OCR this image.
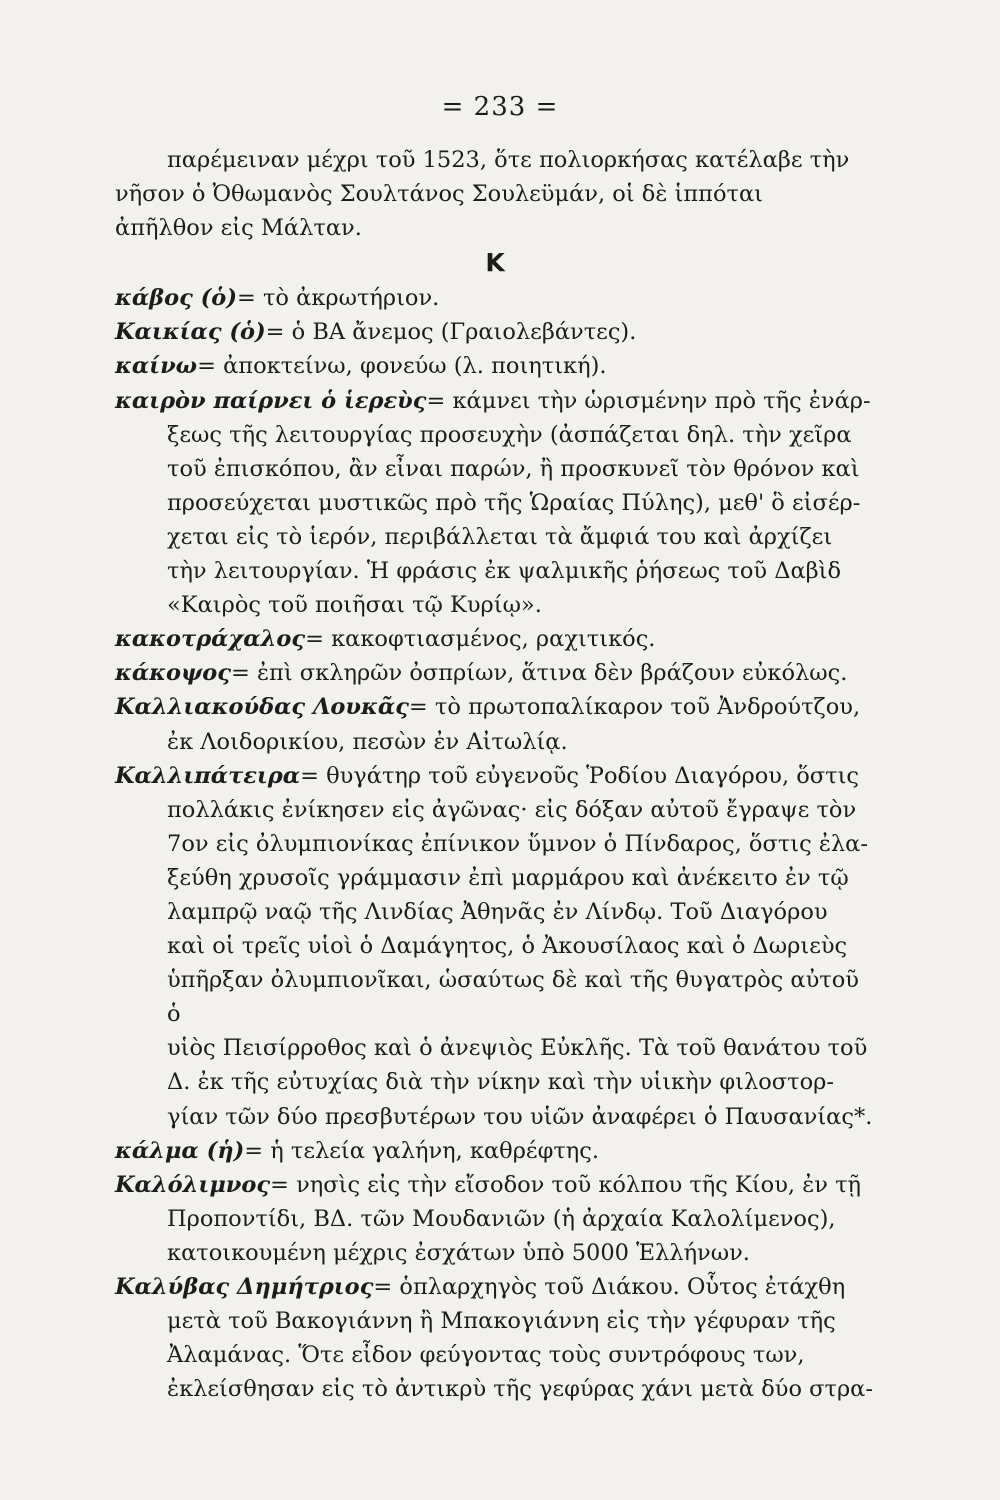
= 233 =

παρέμειναν μέχρι τοῦ 1523, ὅτε πολιορκήσας κατέλαβε τὴν
νῆσον ὁ Ὀθωμανὸς Σουλτάνος Σουλεϋμάν, οἱ δὲ ἱππόται
ἀπῆλθον εἰς Μάλταν.

Κ

κάβος (ὁ)= τὸ ἀκρωτήριον.

Καικίας (ὁ)= ὁ ΒΑ ἄνεμος (Γραιολεβάντες).

καίνω= ἀποκτείνω, φονεύω (λ. ποιητική).

καιρὸν παίρνει ὁ ἱερεὺς= κάμνει τὴν ὡρισμένην πρὸ τῆς ἐνάρ-
ξεως τῆς λειτουργίας προσευχὴν (ἀσπάζεται δηλ. τὴν χεῖρα
τοῦ ἐπισκόπου, ἂν εἶναι παρών, ἢ προσκυνεῖ τὸν θρόνον καὶ
προσεύχεται μυστικῶς πρὸ τῆς Ὡραίας Πύλης), μεθ' ὃ εἰσέρ-
χεται εἰς τὸ ἱερόν, περιβάλλεται τὰ ἄμφιά του καὶ ἀρχίζει
τὴν λειτουργίαν. Ἡ φράσις ἐκ ψαλμικῆς ῥήσεως τοῦ Δαβὶδ
«Καιρὸς τοῦ ποιῆσαι τῷ Κυρίῳ».

κακοτράχαλος= κακοφτιασμένος, ραχιτικός.

κάκοψος= ἐπὶ σκληρῶν ὀσπρίων, ἅτινα δὲν βράζουν εὐκόλως.

Καλλιακούδας Λουκᾶς= τὸ πρωτοπαλίκαρον τοῦ Ἀνδρούτζου,
ἐκ Λοιδορικίου, πεσὼν ἐν Αἰτωλίᾳ.

Καλλιπάτειρα= θυγάτηρ τοῦ εὐγενοῦς Ῥοδίου Διαγόρου, ὅστις
πολλάκις ἐνίκησεν εἰς ἀγῶνας· εἰς δόξαν αὐτοῦ ἔγραψε τὸν
7ον εἰς ὀλυμπιονίκας ἐπίνικον ὕμνον ὁ Πίνδαρος, ὅστις ἐλα-
ξεύθη χρυσοῖς γράμμασιν ἐπὶ μαρμάρου καὶ ἀνέκειτο ἐν τῷ
λαμπρῷ ναῷ τῆς Λινδίας Ἀθηνᾶς ἐν Λίνδῳ. Τοῦ Διαγόρου
καὶ οἱ τρεῖς υἱοὶ ὁ Δαμάγητος, ὁ Ἀκουσίλαος καὶ ὁ Δωριεὺς
ὑπῆρξαν ὀλυμπιονῖκαι, ὡσαύτως δὲ καὶ τῆς θυγατρὸς αὐτοῦ ὁ
υἱὸς Πεισίρροθος καὶ ὁ ἀνεψιὸς Εὐκλῆς. Τὰ τοῦ θανάτου τοῦ
Δ. ἐκ τῆς εὐτυχίας διὰ τὴν νίκην καὶ τὴν υἱικὴν φιλοστορ-
γίαν τῶν δύο πρεσβυτέρων του υἱῶν ἀναφέρει ὁ Παυσανίας*.

κάλμα (ἡ)= ἡ τελεία γαλήνη, καθρέφτης.

Καλόλιμνος= νησὶς εἰς τὴν εἴσοδον τοῦ κόλπου τῆς Κίου, ἐν τῇ
Προποντίδι, ΒΔ. τῶν Μουδανιῶν (ἡ ἀρχαία Καλολίμενος),
κατοικουμένη μέχρις ἐσχάτων ὑπὸ 5000 Ἑλλήνων.

Καλύβας Δημήτριος= ὁπλαρχηγὸς τοῦ Διάκου. Οὗτος ἐτάχθη
μετὰ τοῦ Βακογιάννη ἢ Μπακογιάννη εἰς τὴν γέφυραν τῆς
Ἀλαμάνας. Ὅτε εἶδον φεύγοντας τοὺς συντρόφους των,
ἐκλείσθησαν εἰς τὸ ἀντικρὺ τῆς γεφύρας χάνι μετὰ δύο στρα-
